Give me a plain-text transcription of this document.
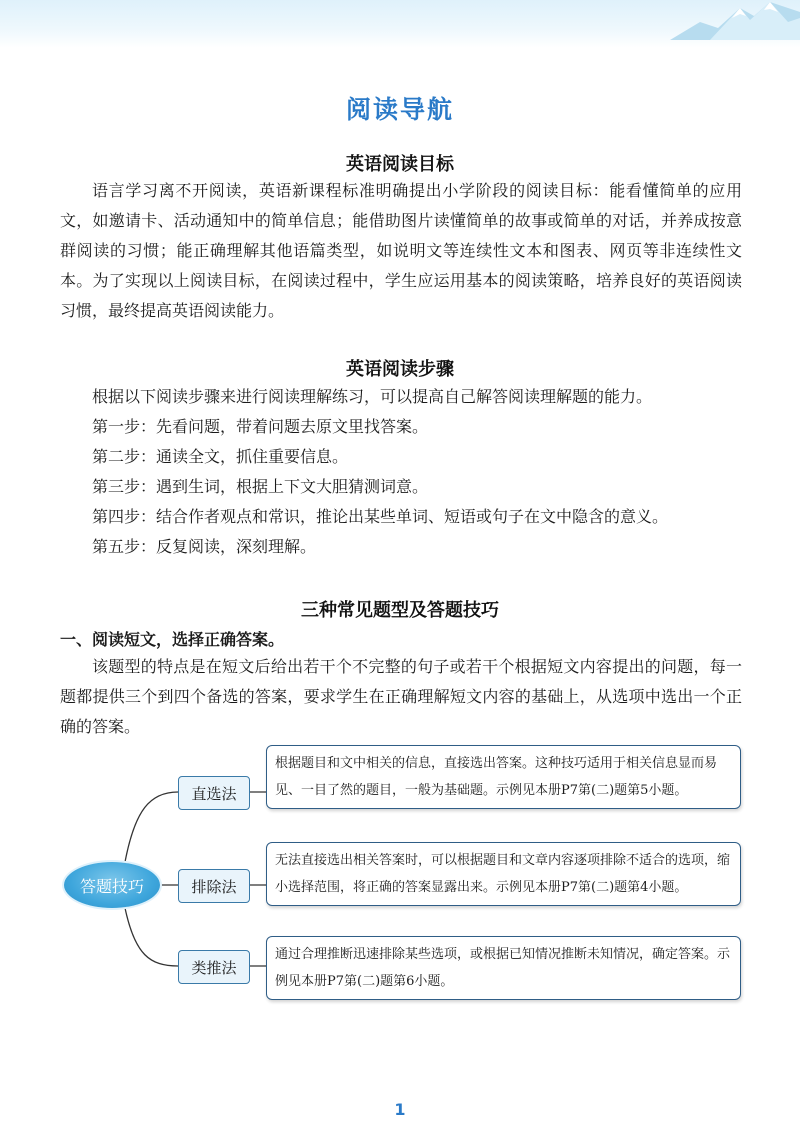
阅读导航
英语阅读目标

语言学习离不开阅读，英语新课程标准明确提出小学阶段的阅读目标：能看懂简单的应用文，如邀请卡、活动通知中的简单信息；能借助图片读懂简单的故事或简单的对话，并养成按意群阅读的习惯；能正确理解其他语篇类型，如说明文等连续性文本和图表、网页等非连续性文本。为了实现以上阅读目标，在阅读过程中，学生应运用基本的阅读策略，培养良好的英语阅读习惯，最终提高英语阅读能力。

英语阅读步骤

根据以下阅读步骤来进行阅读理解练习，可以提高自己解答阅读理解题的能力。

第一步：先看问题，带着问题去原文里找答案。
第二步：通读全文，抓住重要信息。
第三步：遇到生词，根据上下文大胆猜测词意。
第四步：结合作者观点和常识，推论出某些单词、短语或句子在文中隐含的意义。
第五步：反复阅读，深刻理解。
三种常见题型及答题技巧
一、阅读短文，选择正确答案。

该题型的特点是在短文后给出若干个不完整的句子或若干个根据短文内容提出的问题，每一题都提供三个到四个备选的答案，要求学生在正确理解短文内容的基础上，从选项中选出一个正确的答案。

答题技巧
直选法
排除法
类推法
根据题目和文中相关的信息，直接选出答案。这种技巧适用于相关信息显而易见、一目了然的题目，一般为基础题。示例见本册P7第(二)题第5小题。
无法直接选出相关答案时，可以根据题目和文章内容逐项排除不适合的选项，缩小选择范围，将正确的答案显露出来。示例见本册P7第(二)题第4小题。
通过合理推断迅速排除某些选项，或根据已知情况推断未知情况，确定答案。示例见本册P7第(二)题第6小题。
1
